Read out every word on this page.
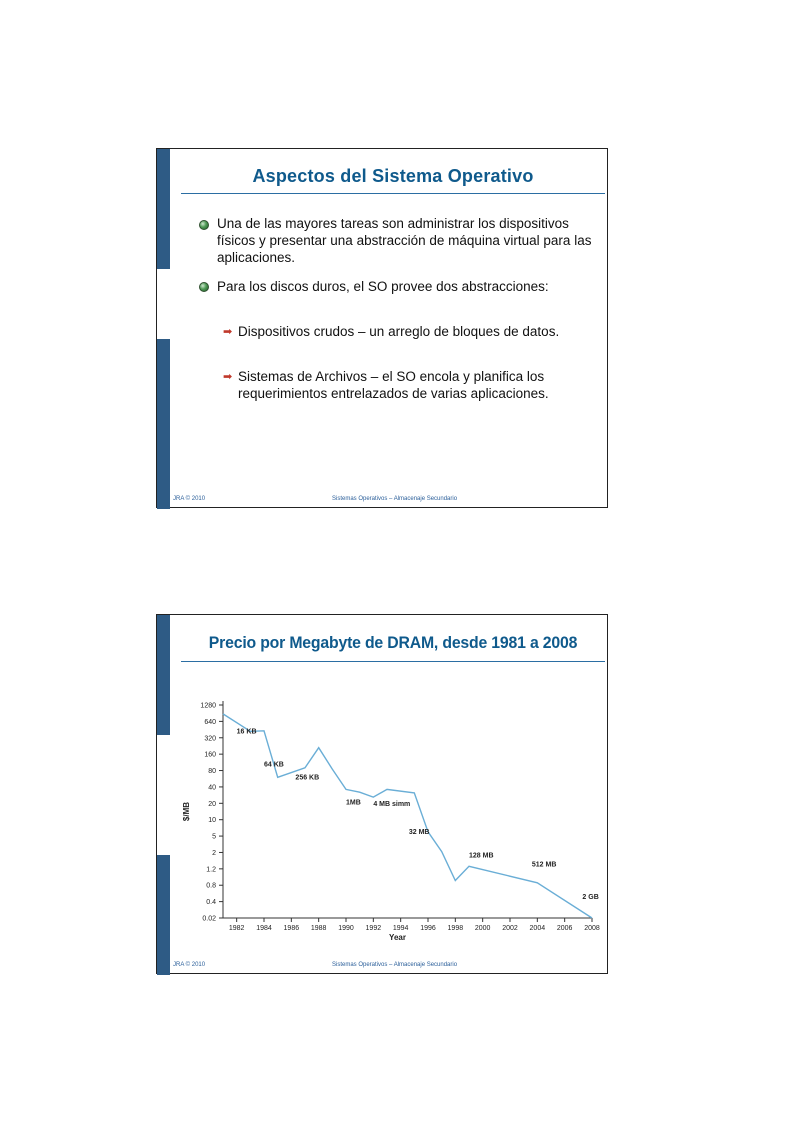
Aspectos del Sistema Operativo
Una de las mayores tareas son administrar los dispositivos físicos y presentar una abstracción de máquina virtual para las aplicaciones.
Para los discos duros, el SO provee dos abstracciones:
➡ Dispositivos crudos – un arreglo de bloques de datos.
➡ Sistemas de Archivos – el SO encola y planifica los requerimientos entrelazados de varias aplicaciones.
JRA © 2010	Sistemas Operativos – Almacenaje Secundario
Precio por Megabyte de DRAM, desde 1981 a 2008
1280
640
320
160
80
40
20
10
5
2
1.2
0.8
0.4
0.02
1982 1984 1986 1988 1990 1992 1994 1996 1998 2000 2002 2004 2006 2008
Year
$/MB
16 KB
64 KB
256 KB
1MB 4 MB simm
32 MB
128 MB
512 MB
2 GB
JRA © 2010	Sistemas Operativos – Almacenaje Secundario
